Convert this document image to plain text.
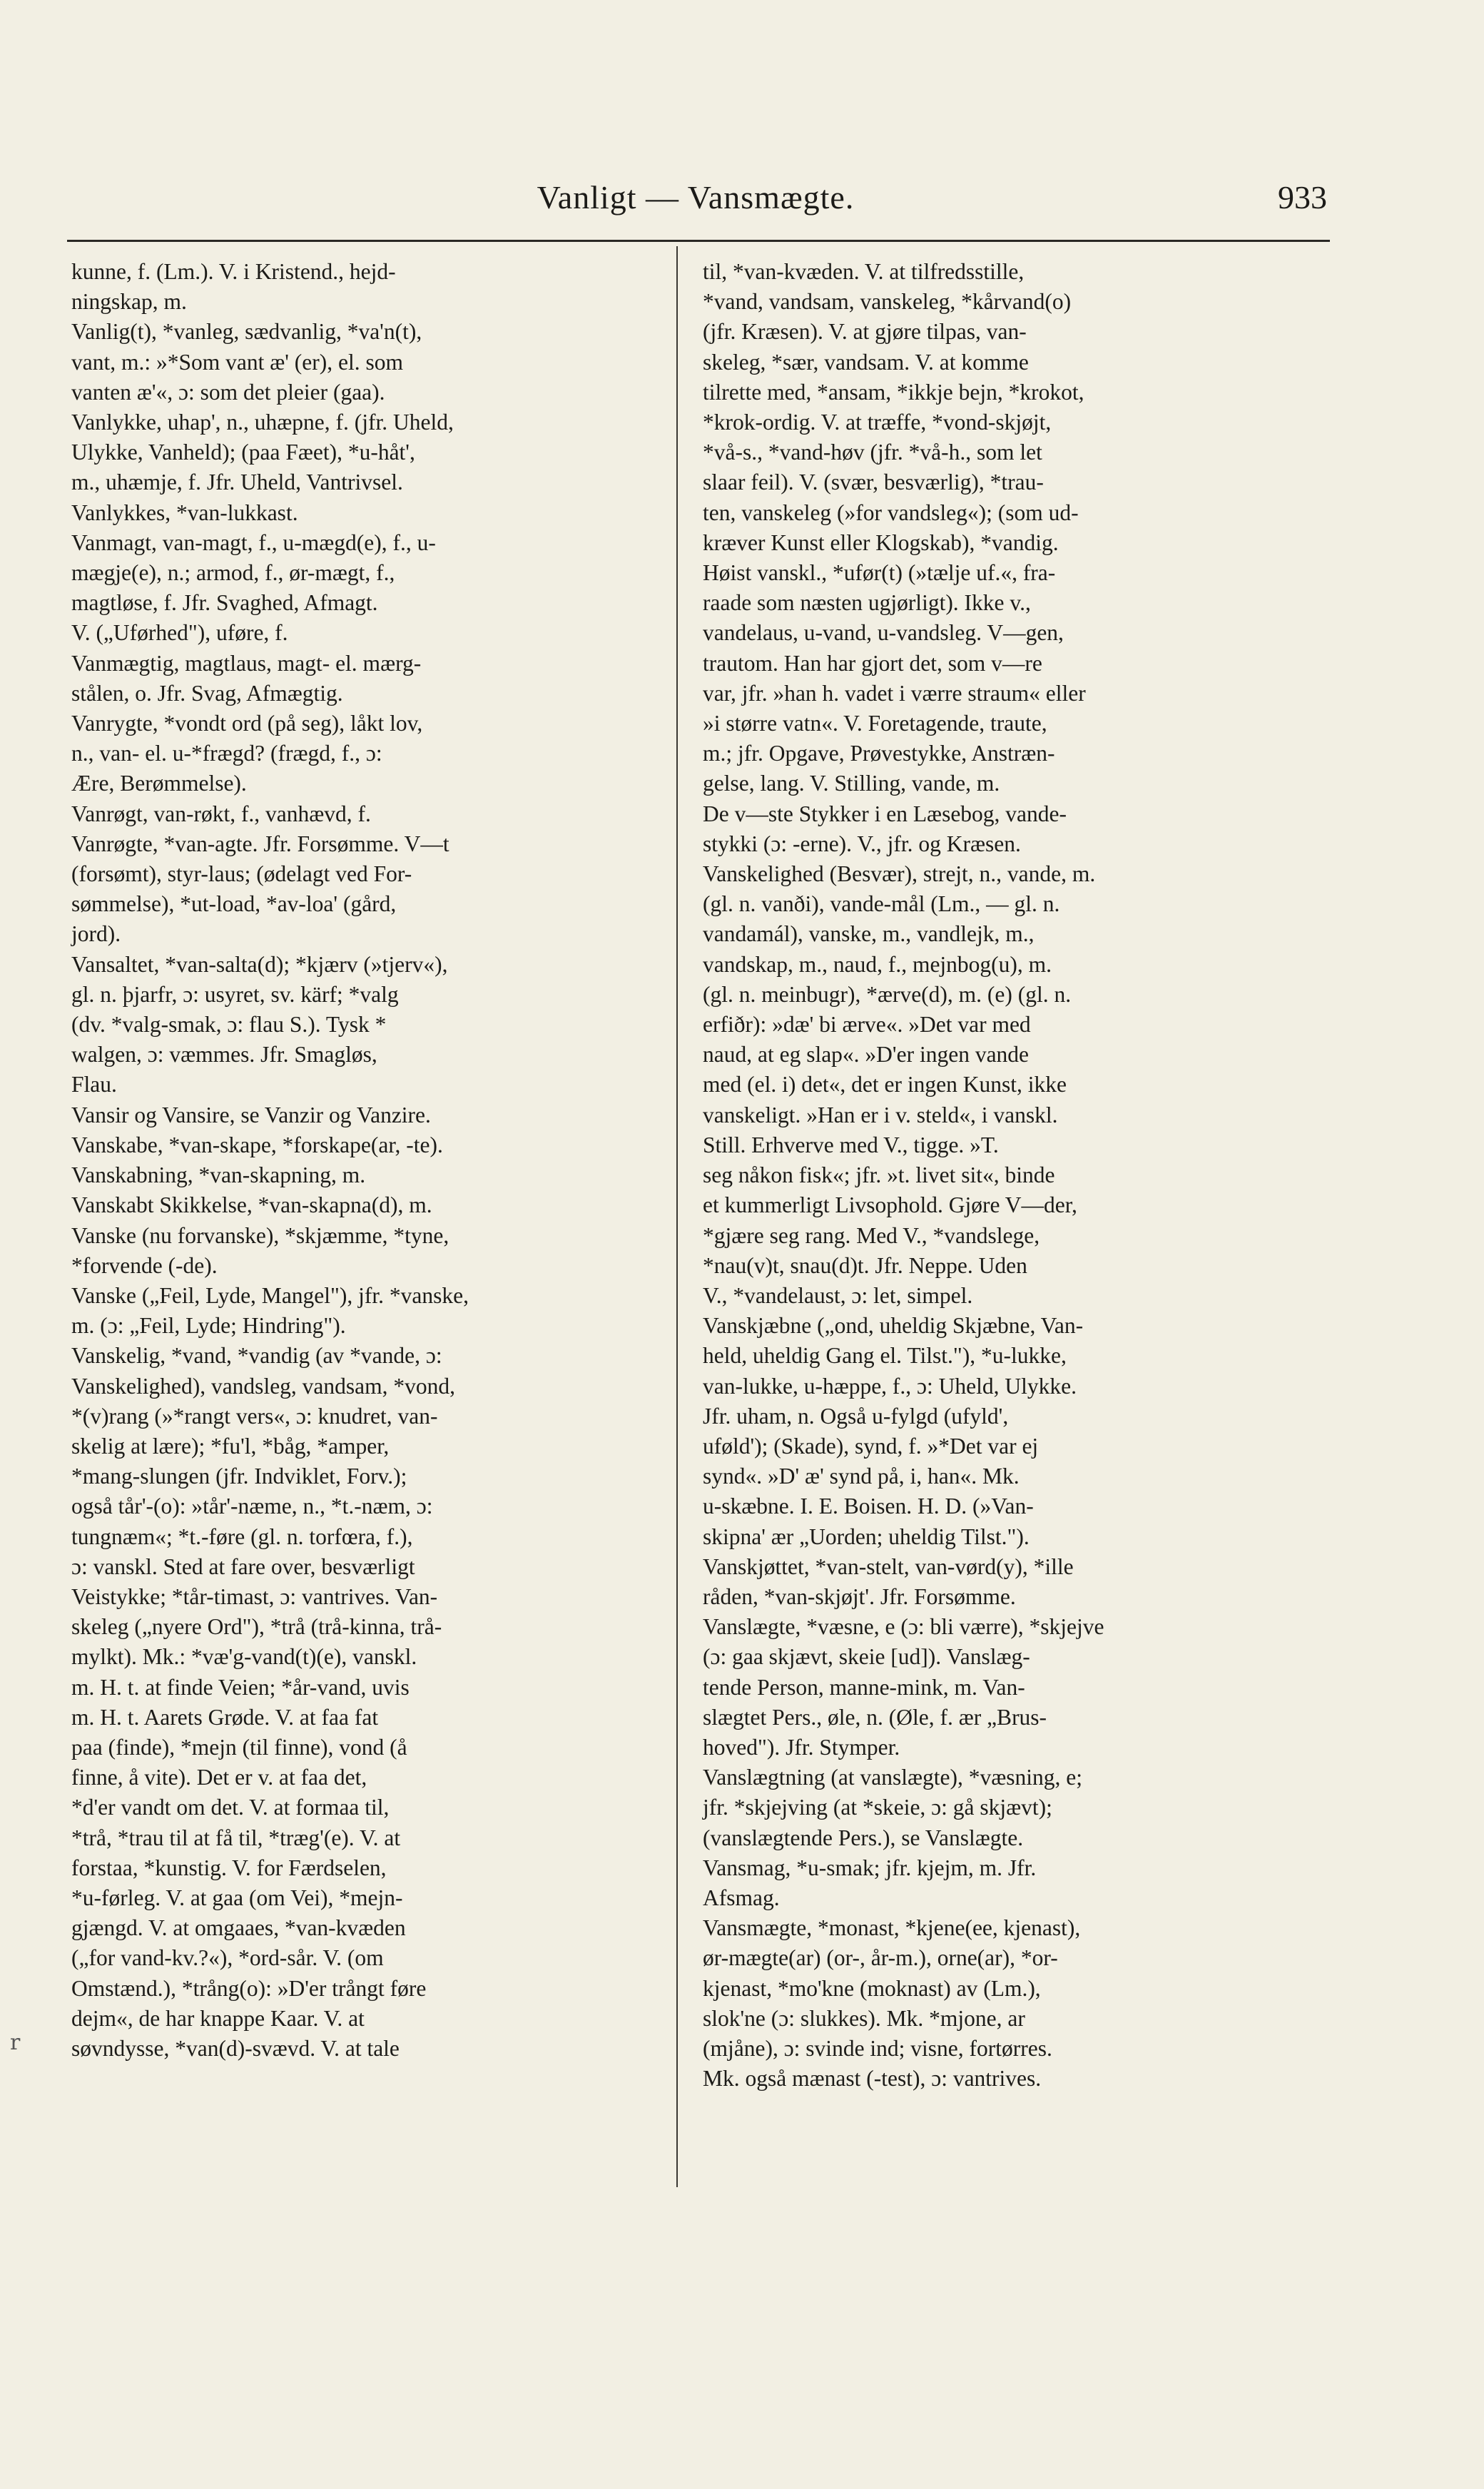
Vanligt — Vansmægte.	933
kunne, f. (Lm.). V. i Kristend., hejd-
ningskap, m.
Vanlig(t), *vanleg, sædvanlig, *va'n(t),
vant, m.: »*Som vant æ' (er), el. som
vanten æ'«, ɔ: som det pleier (gaa).
Vanlykke, uhap', n., uhæpne, f. (jfr. Uheld,
Ulykke, Vanheld); (paa Fæet), *u-håt',
m., uhæmje, f. Jfr. Uheld, Vantrivsel.
Vanlykkes, *van-lukkast.
Vanmagt, van-magt, f., u-mægd(e), f., u-
mægje(e), n.; armod, f., ør-mægt, f.,
magtløse, f. Jfr. Svaghed, Afmagt.
V. („Uførhed"), uføre, f.
Vanmægtig, magtlaus, magt- el. mærg-
stålen, o. Jfr. Svag, Afmægtig.
Vanrygte, *vondt ord (på seg), låkt lov,
n., van- el. u-*frægd? (frægd, f., ɔ:
Ære, Berømmelse).
Vanrøgt, van-røkt, f., vanhævd, f.
Vanrøgte, *van-agte. Jfr. Forsømme. V—t
(forsømt), styr-laus; (ødelagt ved For-
sømmelse), *ut-load, *av-loa' (gård,
jord).
Vansaltet, *van-salta(d); *kjærv (»tjerv«),
gl. n. þjarfr, ɔ: usyret, sv. kärf; *valg
(dv. *valg-smak, ɔ: flau S.). Tysk *
walgen, ɔ: væmmes. Jfr. Smagløs,
Flau.
Vansir og Vansire, se Vanzir og Vanzire.
Vanskabe, *van-skape, *forskape(ar, -te).
Vanskabning, *van-skapning, m.
Vanskabt Skikkelse, *van-skapna(d), m.
Vanske (nu forvanske), *skjæmme, *tyne,
*forvende (-de).
Vanske („Feil, Lyde, Mangel"), jfr. *vanske,
m. (ɔ: „Feil, Lyde; Hindring").
Vanskelig, *vand, *vandig (av *vande, ɔ:
Vanskelighed), vandsleg, vandsam, *vond,
*(v)rang (»*rangt vers«, ɔ: knudret, van-
skelig at lære); *fu'l, *båg, *amper,
*mang-slungen (jfr. Indviklet, Forv.);
også tår'-(o): »tår'-næme, n., *t.-næm, ɔ:
tungnæm«; *t.-føre (gl. n. torfœra, f.),
ɔ: vanskl. Sted at fare over, besværligt
Veistykke; *tår-timast, ɔ: vantrives. Van-
skeleg („nyere Ord"), *trå (trå-kinna, trå-
mylkt). Mk.: *væ'g-vand(t)(e), vanskl.
m. H. t. at finde Veien; *år-vand, uvis
m. H. t. Aarets Grøde. V. at faa fat
paa (finde), *mejn (til finne), vond (å
finne, å vite). Det er v. at faa det,
*d'er vandt om det. V. at formaa til,
*trå, *trau til at få til, *træg'(e). V. at
forstaa, *kunstig. V. for Færdselen,
*u-førleg. V. at gaa (om Vei), *mejn-
gjængd. V. at omgaaes, *van-kvæden
(„for vand-kv.?«), *ord-sår. V. (om
Omstænd.), *trång(o): »D'er trångt føre
dejm«, de har knappe Kaar. V. at
søvndysse, *van(d)-svævd. V. at tale
til, *van-kvæden. V. at tilfredsstille,
*vand, vandsam, vanskeleg, *kårvand(o)
(jfr. Kræsen). V. at gjøre tilpas, van-
skeleg, *sær, vandsam. V. at komme
tilrette med, *ansam, *ikkje bejn, *krokot,
*krok-ordig. V. at træffe, *vond-skjøjt,
*vå-s., *vand-høv (jfr. *vå-h., som let
slaar feil). V. (svær, besværlig), *trau-
ten, vanskeleg (»for vandsleg«); (som ud-
kræver Kunst eller Klogskab), *vandig.
Høist vanskl., *ufør(t) (»tælje uf.«, fra-
raade som næsten ugjørligt). Ikke v.,
vandelaus, u-vand, u-vandsleg. V—gen,
trautom. Han har gjort det, som v—re
var, jfr. »han h. vadet i værre straum« eller
»i større vatn«. V. Foretagende, traute,
m.; jfr. Opgave, Prøvestykke, Anstræn-
gelse, lang. V. Stilling, vande, m.
De v—ste Stykker i en Læsebog, vande-
stykki (ɔ: -erne). V., jfr. og Kræsen.
Vanskelighed (Besvær), strejt, n., vande, m.
(gl. n. vanði), vande-mål (Lm., — gl. n.
vandamál), vanske, m., vandlejk, m.,
vandskap, m., naud, f., mejnbog(u), m.
(gl. n. meinbugr), *ærve(d), m. (e) (gl. n.
erfiðr): »dæ' bi ærve«. »Det var med
naud, at eg slap«. »D'er ingen vande
med (el. i) det«, det er ingen Kunst, ikke
vanskeligt. »Han er i v. steld«, i vanskl.
Still. Erhverve med V., tigge. »T.
seg nåkon fisk«; jfr. »t. livet sit«, binde
et kummerligt Livsophold. Gjøre V—der,
*gjære seg rang. Med V., *vandslege,
*nau(v)t, snau(d)t. Jfr. Neppe. Uden
V., *vandelaust, ɔ: let, simpel.
Vanskjæbne („ond, uheldig Skjæbne, Van-
held, uheldig Gang el. Tilst."), *u-lukke,
van-lukke, u-hæppe, f., ɔ: Uheld, Ulykke.
Jfr. uham, n. Også u-fylgd (ufyld',
uføld'); (Skade), synd, f. »*Det var ej
synd«. »D' æ' synd på, i, han«. Mk.
u-skæbne. I. E. Boisen. H. D. (»Van-
skipna' ær „Uorden; uheldig Tilst.").
Vanskjøttet, *van-stelt, van-vørd(y), *ille
råden, *van-skjøjt'. Jfr. Forsømme.
Vanslægte, *væsne, e (ɔ: bli værre), *skjejve
(ɔ: gaa skjævt, skeie [ud]). Vanslæg-
tende Person, manne-mink, m. Van-
slægtet Pers., øle, n. (Øle, f. ær „Brus-
hoved"). Jfr. Stymper.
Vanslægtning (at vanslægte), *væsning, e;
jfr. *skjejving (at *skeie, ɔ: gå skjævt);
(vanslægtende Pers.), se Vanslægte.
Vansmag, *u-smak; jfr. kjejm, m. Jfr.
Afsmag.
Vansmægte, *monast, *kjene(ee, kjenast),
ør-mægte(ar) (or-, år-m.), orne(ar), *or-
kjenast, *mo'kne (moknast) av (Lm.),
slok'ne (ɔ: slukkes). Mk. *mjone, ar
(mjåne), ɔ: svinde ind; visne, fortørres.
Mk. også mænast (-test), ɔ: vantrives.
r
